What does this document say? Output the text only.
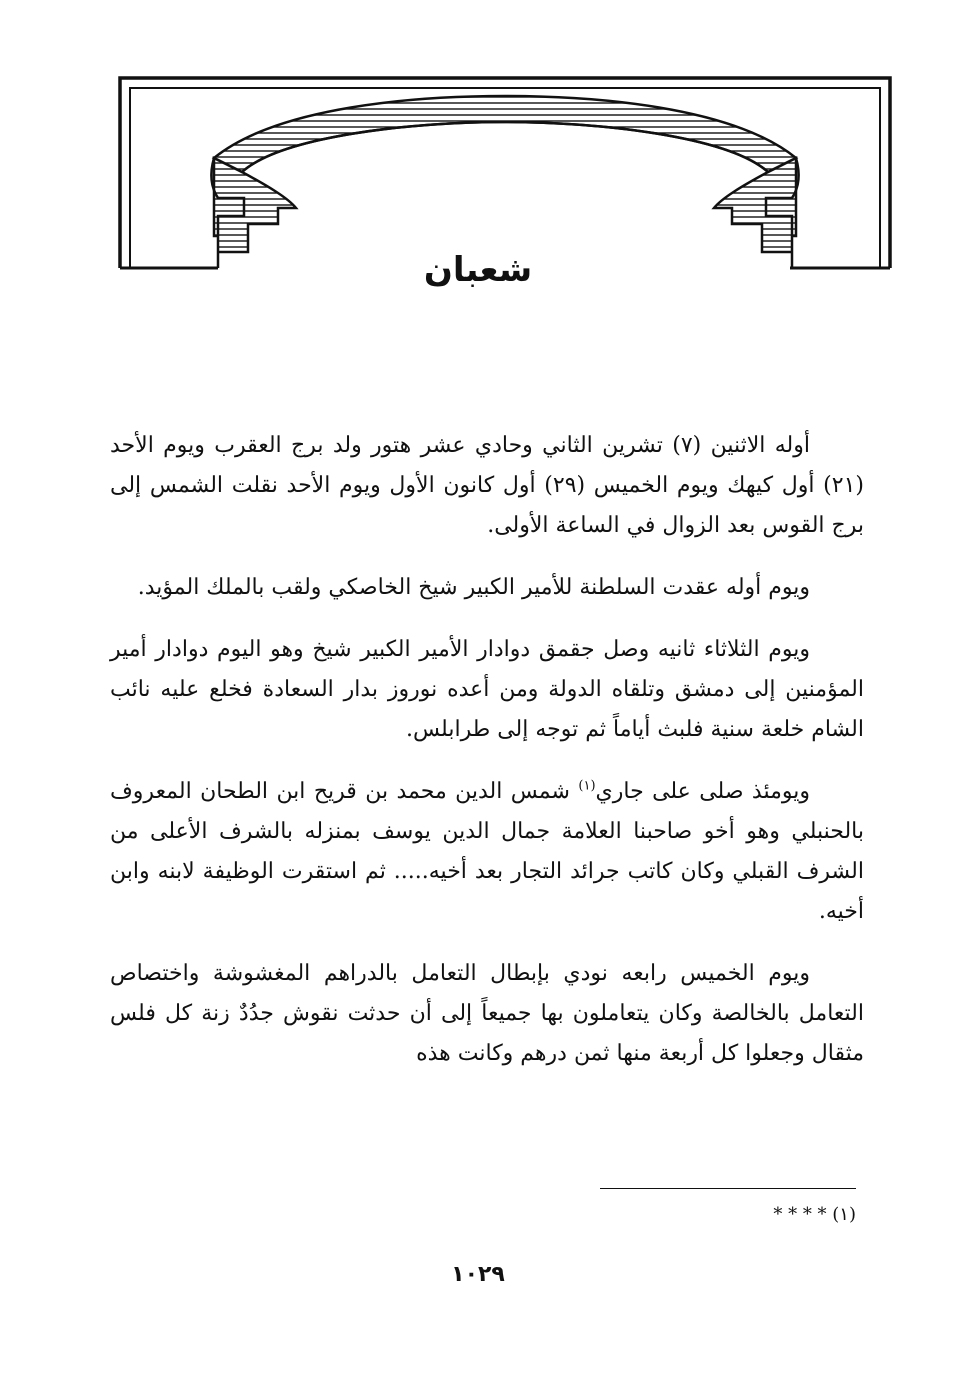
شعبان

أوله الاثنين (٧) تشرين الثاني وحادي عشر هتور ولد برج العقرب ويوم الأحد (٢١) أول كيهك ويوم الخميس (٢٩) أول كانون الأول ويوم الأحد نقلت الشمس إلى برج القوس بعد الزوال في الساعة الأولى.

ويوم أوله عقدت السلطنة للأمير الكبير شيخ الخاصكي ولقب بالملك المؤيد.

ويوم الثلاثاء ثانيه وصل جقمق دوادار الأمير الكبير شيخ وهو اليوم دوادار أمير المؤمنين إلى دمشق وتلقاه الدولة ومن أعده نوروز بدار السعادة فخلع عليه نائب الشام خلعة سنية فلبث أياماً ثم توجه إلى طرابلس.

ويومئذ صلى على جاري$^{(١)}$ شمس الدين محمد بن قريح ابن الطحان المعروف بالحنبلي وهو أخو صاحبنا العلامة جمال الدين يوسف بمنزله بالشرف الأعلى من الشرف القبلي وكان كاتب جرائد التجار بعد أخيه..... ثم استقرت الوظيفة لابنه وابن أخيه.

ويوم الخميس رابعه نودي بإبطال التعامل بالدراهم المغشوشة واختصاص التعامل بالخالصة وكان يتعاملون بها جميعاً إلى أن حدثت نقوش جدُدٌ زنة كل فلس مثقال وجعلوا كل أربعة منها ثمن درهم وكانت هذه

(١) * * * *
١٠٢٩
